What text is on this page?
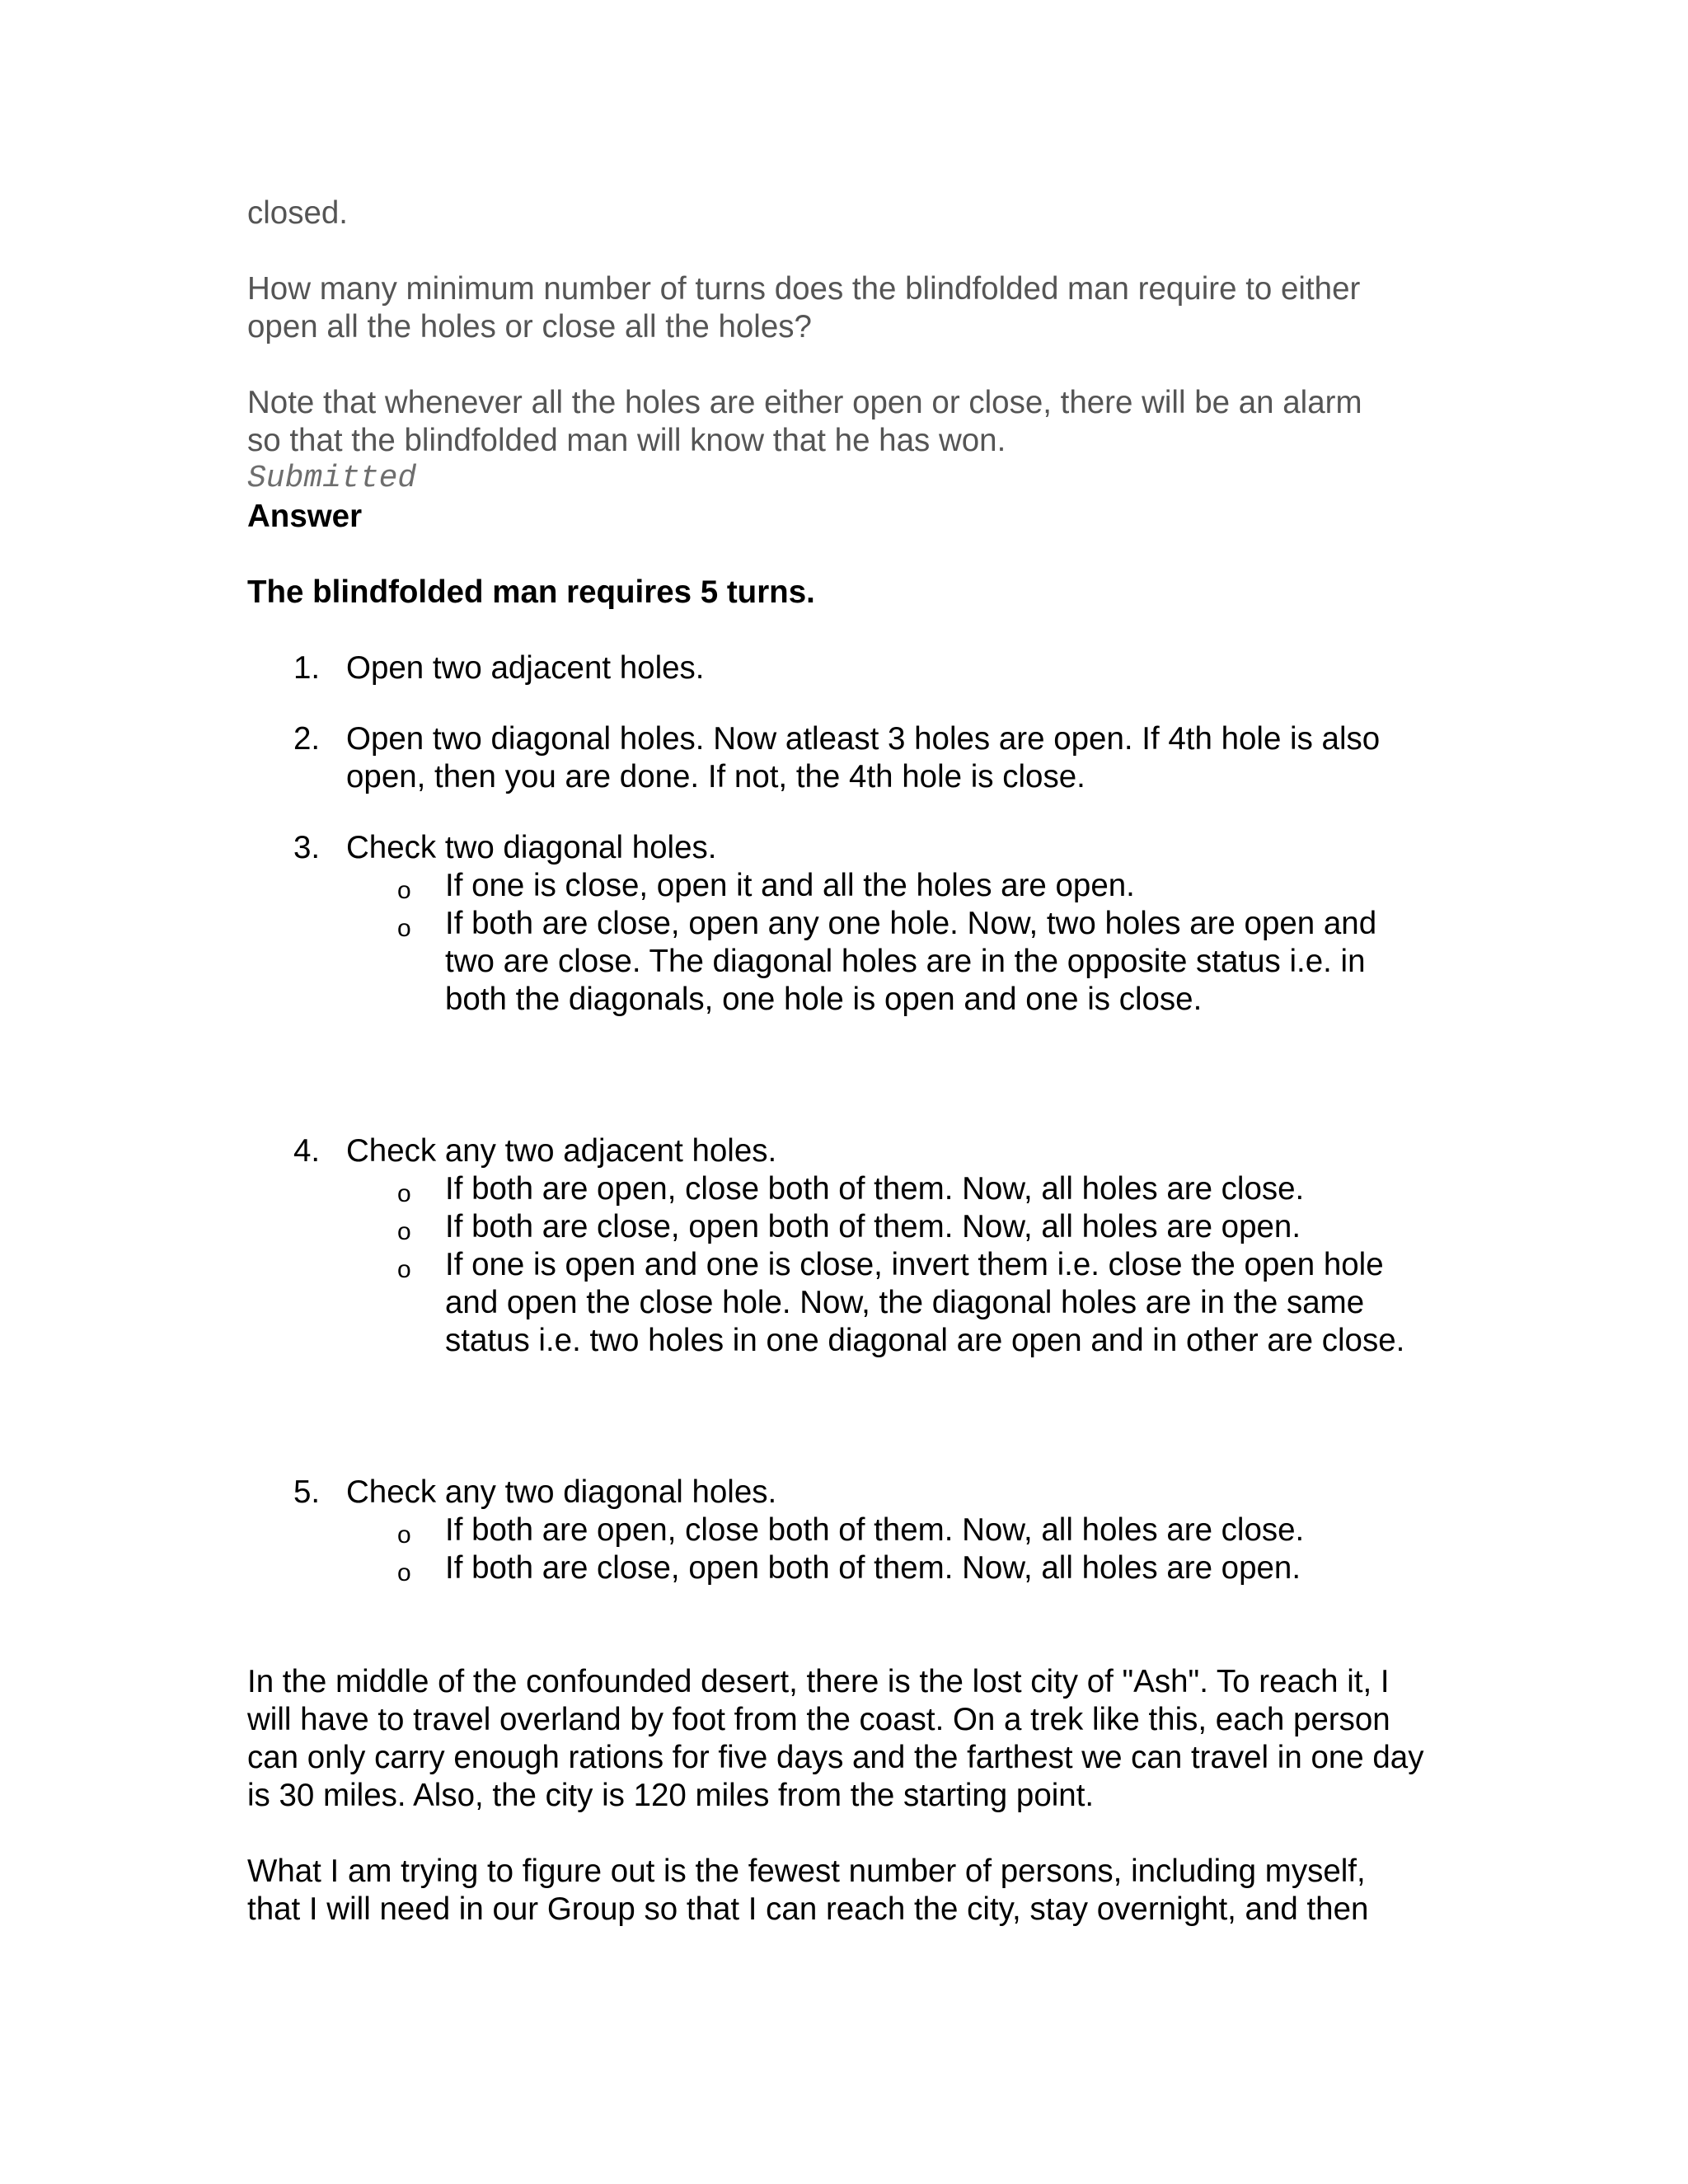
closed.

How many minimum number of turns does the blindfolded man require to either open all the holes or close all the holes?

Note that whenever all the holes are either open or close, there will be an alarm so that the blindfolded man will know that he has won.

Submitted

Answer

The blindfolded man requires 5 turns.

1. Open two adjacent holes.
2. Open two diagonal holes. Now atleast 3 holes are open. If 4th hole is also open, then you are done. If not, the 4th hole is close.
3. Check two diagonal holes.
o If one is close, open it and all the holes are open.
o If both are close, open any one hole. Now, two holes are open and two are close. The diagonal holes are in the opposite status i.e. in both the diagonals, one hole is open and one is close.
4. Check any two adjacent holes.
o If both are open, close both of them. Now, all holes are close.
o If both are close, open both of them. Now, all holes are open.
o If one is open and one is close, invert them i.e. close the open hole and open the close hole. Now, the diagonal holes are in the same status i.e. two holes in one diagonal are open and in other are close.
5. Check any two diagonal holes.
o If both are open, close both of them. Now, all holes are close.
o If both are close, open both of them. Now, all holes are open.

In the middle of the confounded desert, there is the lost city of "Ash". To reach it, I will have to travel overland by foot from the coast. On a trek like this, each person can only carry enough rations for five days and the farthest we can travel in one day is 30 miles. Also, the city is 120 miles from the starting point.

What I am trying to figure out is the fewest number of persons, including myself, that I will need in our Group so that I can reach the city, stay overnight, and then
